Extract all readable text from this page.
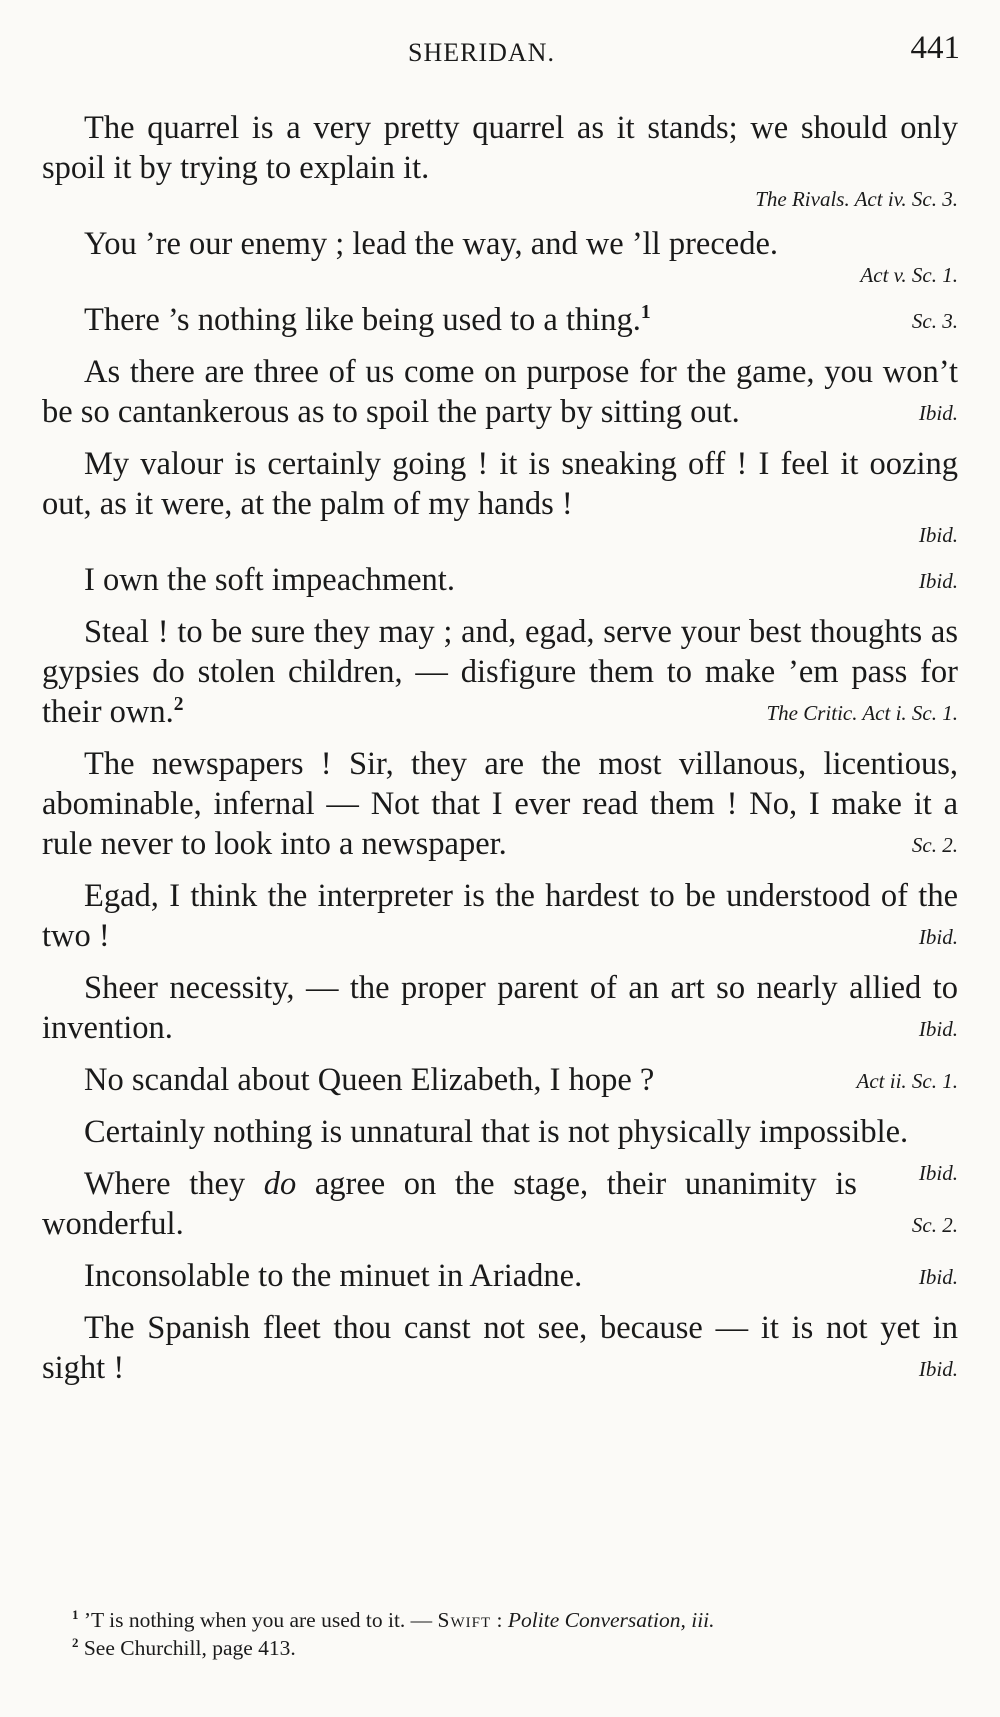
SHERIDAN.	441
The quarrel is a very pretty quarrel as it stands; we should only spoil it by trying to explain it.
The Rivals. Act iv. Sc. 3.
You ’re our enemy ; lead the way, and we ’ll precede.
Act v. Sc. 1.
Sc. 3.
There ’s nothing like being used to a thing.$^1$
As there are three of us come on purpose for the game, you won’t be so cantankerous as to spoil the party by sitting out.	Ibid.
My valour is certainly going ! it is sneaking off ! I feel it oozing out, as it were, at the palm of my hands !
Ibid.
Ibid.
I own the soft impeachment.
Steal ! to be sure they may ; and, egad, serve your best thoughts as gypsies do stolen children, — disfigure them to make ’em pass for their own.$^2$	The Critic. Act i. Sc. 1.
The newspapers ! Sir, they are the most villanous, licentious, abominable, infernal — Not that I ever read them ! No, I make it a rule never to look into a newspaper.	Sc. 2.
Egad, I think the interpreter is the hardest to be understood of the two !	Ibid.
Sheer necessity, — the proper parent of an art so nearly allied to invention.	Ibid.
Act ii. Sc. 1.
No scandal about Queen Elizabeth, I hope ?
Certainly nothing is unnatural that is not physically impossible.
Ibid.
Where they do agree on the stage, their unanimity is wonderful.	Sc. 2.
Ibid.
Inconsolable to the minuet in Ariadne.
The Spanish fleet thou canst not see, because — it is not yet in sight !	Ibid.
$^1$ ’T is nothing when you are used to it. — Swift : Polite Conversation, iii.
$^2$ See Churchill, page 413.
